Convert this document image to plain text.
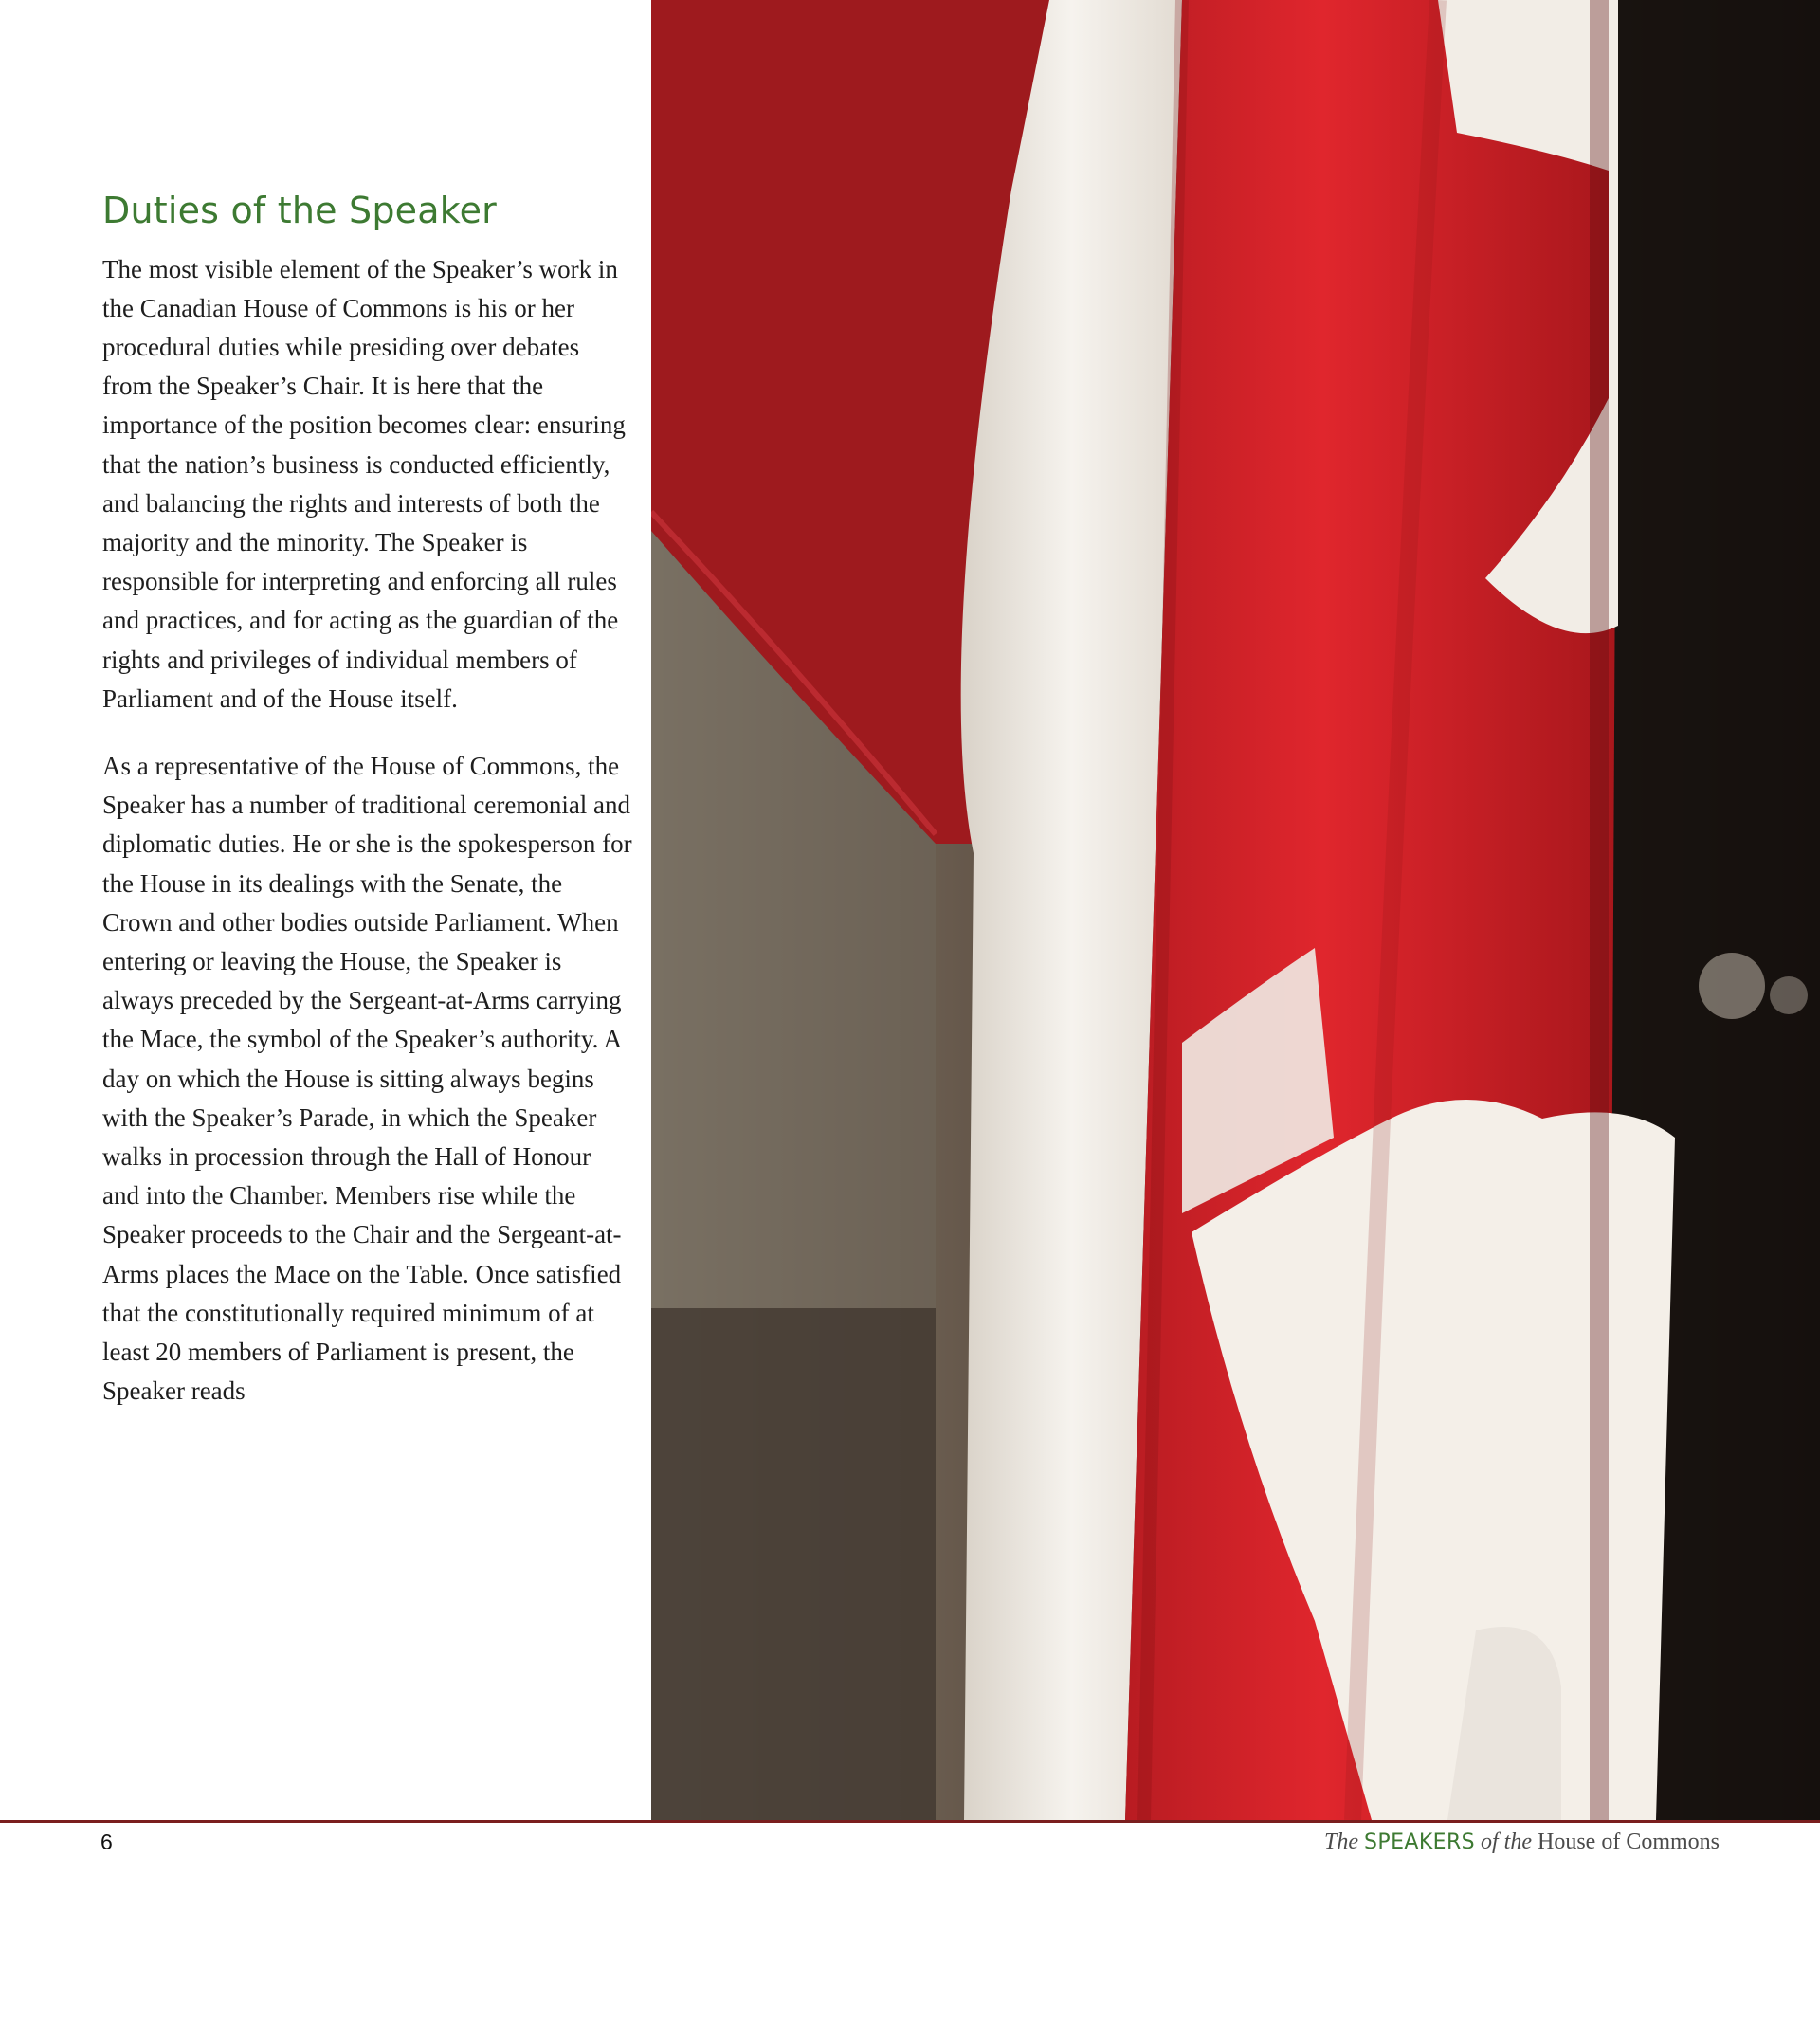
Duties of the Speaker

The most visible element of the Speaker’s work in the Canadian House of Commons is his or her procedural duties while presiding over debates from the Speaker’s Chair. It is here that the importance of the position becomes clear: ensuring that the nation’s business is conducted efficiently, and balancing the rights and interests of both the majority and the minority. The Speaker is responsible for interpreting and enforcing all rules and practices, and for acting as the guardian of the rights and privileges of individual members of Parliament and of the House itself.

As a representative of the House of Commons, the Speaker has a number of traditional ceremonial and diplomatic duties. He or she is the spokesperson for the House in its dealings with the Senate, the Crown and other bodies outside Parliament. When entering or leaving the House, the Speaker is always preceded by the Sergeant-at-Arms carrying the Mace, the symbol of the Speaker’s authority. A day on which the House is sitting always begins with the Speaker’s Parade, in which the Speaker walks in procession through the Hall of Honour and into the Chamber. Members rise while the Speaker proceeds to the Chair and the Sergeant-at-Arms places the Mace on the Table. Once satisfied that the constitutionally required minimum of at least 20 members of Parliament is present, the Speaker reads

6	The SPEAKERS of the House of Commons
